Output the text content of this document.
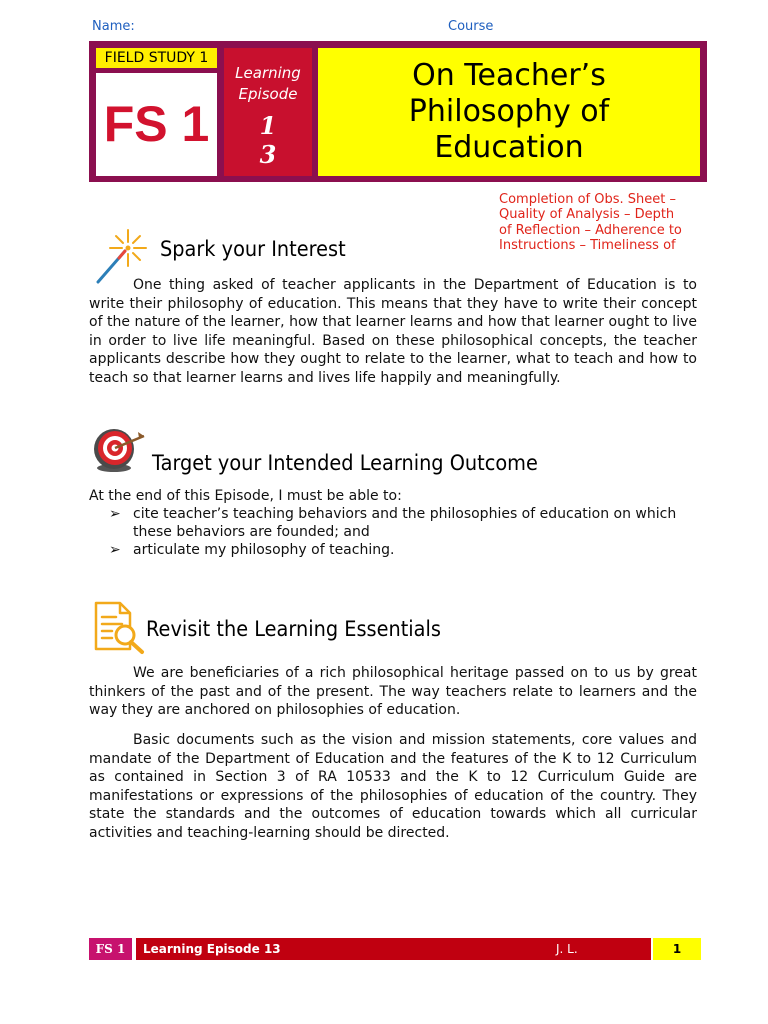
Name:	Course
FIELD STUDY 1
FS 1
Learning
Episode
1
3
On Teacher’s
Philosophy of
Education
Completion of Obs. Sheet – Quality of Analysis – Depth of Reflection – Adherence to Instructions – Timeliness of
Spark your Interest
One thing asked of teacher applicants in the Department of Education is to write their philosophy of education. This means that they have to write their concept of the nature of the learner, how that learner learns and how that learner ought to live in order to live life meaningful. Based on these philosophical concepts, the teacher applicants describe how they ought to relate to the learner, what to teach and how to teach so that learner learns and lives life happily and meaningfully.
Target your Intended Learning Outcome
At the end of this Episode, I must be able to:
➢ cite teacher’s teaching behaviors and the philosophies of education on which these behaviors are founded; and
➢ articulate my philosophy of teaching.
Revisit the Learning Essentials
We are beneficiaries of a rich philosophical heritage passed on to us by great thinkers of the past and of the present. The way teachers relate to learners and the way they are anchored on philosophies of education.
Basic documents such as the vision and mission statements, core values and mandate of the Department of Education and the features of the K to 12 Curriculum as contained in Section 3 of RA 10533 and the K to 12 Curriculum Guide are manifestations or expressions of the philosophies of education of the country. They state the standards and the outcomes of education towards which all curricular activities and teaching-learning should be directed.
FS 1	Learning Episode 13	J. L.	1
